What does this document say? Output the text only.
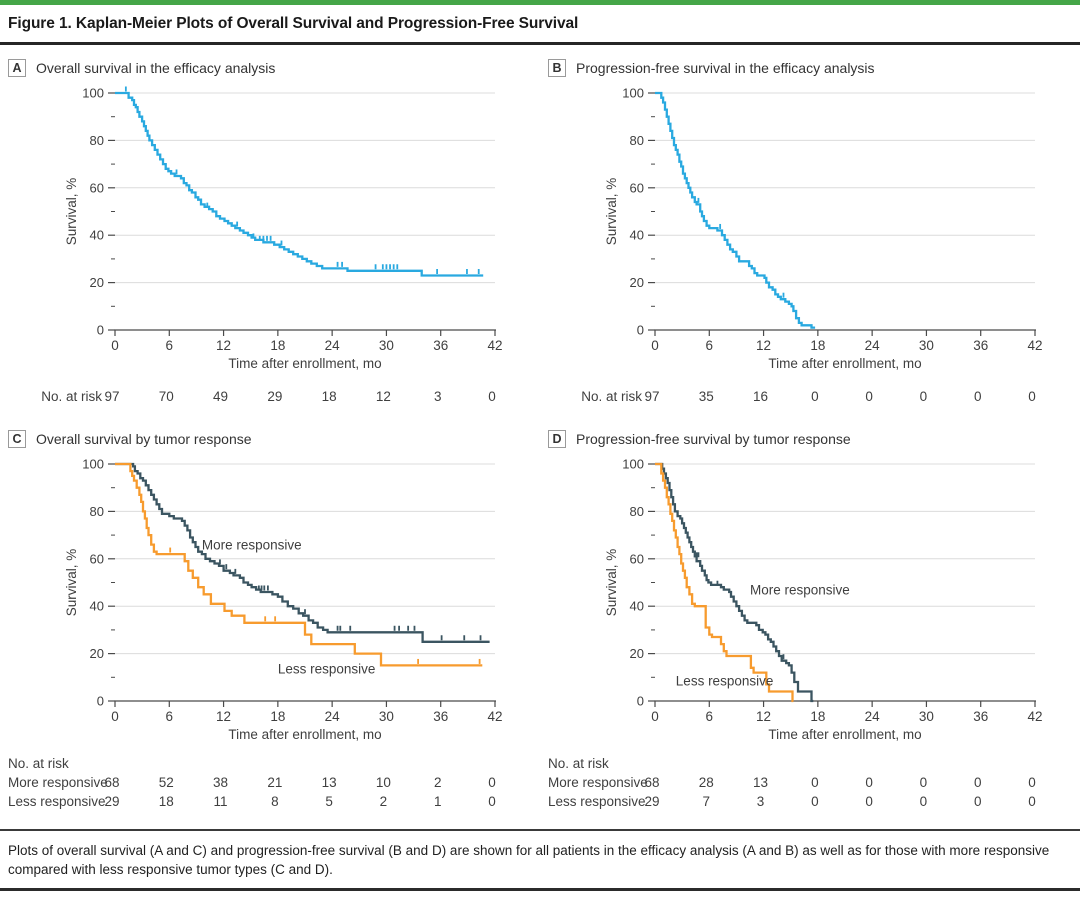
Figure 1. Kaplan-Meier Plots of Overall Survival and Progression-Free Survival
A	Overall survival in the efficacy analysis
0
20
40
60
80
100
0	6	12	18	24	30	36	42
Time after enrollment, mo
Survival, %
No. at risk 97	70	49	29	18	12	3	0
B	Progression-free survival in the efficacy analysis
0
20
40
60
80
100
0	6	12	18	24	30	36	42
Time after enrollment, mo
Survival, %
No. at risk 97	35	16	0	0	0	0	0
C	Overall survival by tumor response
0
20
40
60
80
100
0	6	12	18	24	30	36	42
Time after enrollment, mo
Survival, %
More responsive
Less responsive
No. at risk
More responsive
68	52	38	21	13	10	2	0
Less responsive
29	18	11	8	5	2	1	0
D	Progression-free survival by tumor response
0
20
40
60
80
100
0	6	12	18	24	30	36	42
Time after enrollment, mo
Survival, %	More responsive
Less responsive
No. at risk
More responsive
68	28	13	0	0	0	0	0
Less responsive
29	7	3	0	0	0	0	0

Plots of overall survival (A and C) and progression-free survival (B and D) are shown for all patients in the efficacy analysis (A and B) as well as for those with more responsive compared with less responsive tumor types (C and D).
